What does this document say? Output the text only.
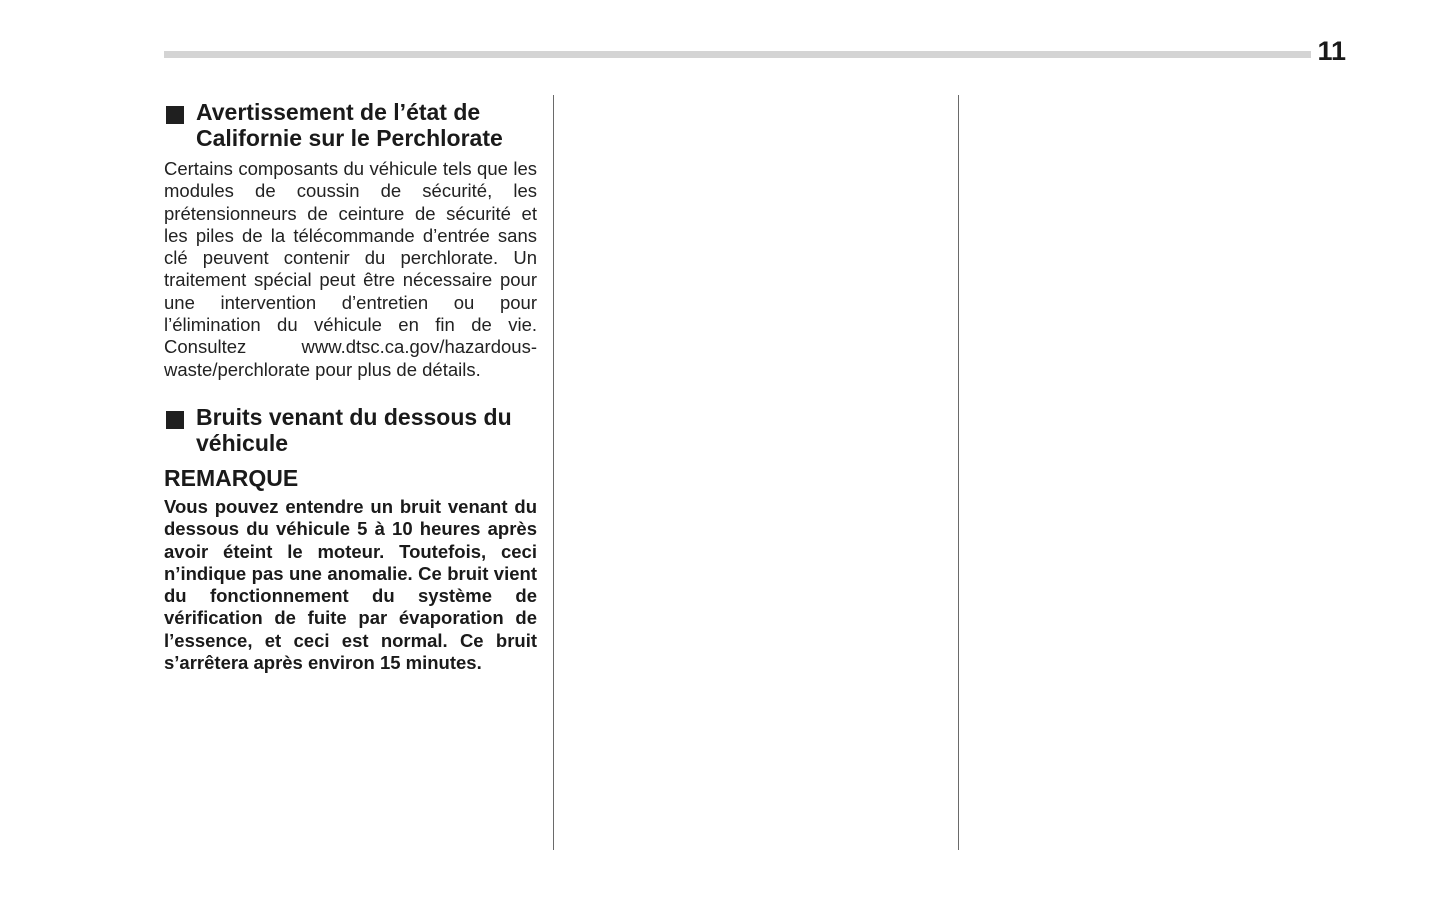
11
Avertissement de l’état de
Californie sur le Perchlorate

Certains composants du véhicule tels que les modules de coussin de sécurité, les prétensionneurs de ceinture de sécurité et les piles de la télécommande d’entrée sans clé peuvent contenir du perchlorate. Un traitement spécial peut être nécessaire pour une intervention d’entretien ou pour l’élimination du véhicule en fin de vie. Consultez www.dtsc.ca.gov/hazardous-waste/perchlorate pour plus de détails.

Bruits venant du dessous du
véhicule
REMARQUE

Vous pouvez entendre un bruit venant du dessous du véhicule 5 à 10 heures après avoir éteint le moteur. Toutefois, ceci n’indique pas une anomalie. Ce bruit vient du fonctionnement du système de vérification de fuite par évaporation de l’essence, et ceci est normal. Ce bruit s’arrêtera après environ 15 minutes.
